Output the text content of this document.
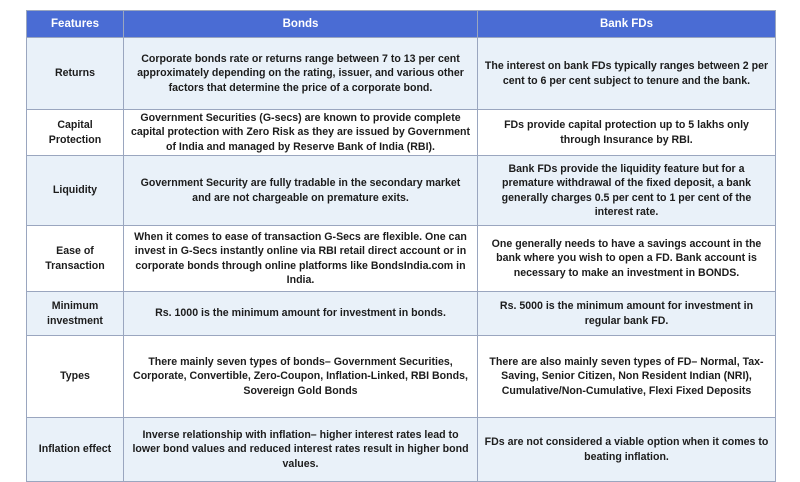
Features	Bonds	Bank FDs
Returns	Corporate bonds rate or returns range between 7 to 13 per cent approximately depending on the rating, issuer, and various other factors that determine the price of a corporate bond.	The interest on bank FDs typically ranges between 2 per cent to 6 per cent subject to tenure and the bank.
Capital Protection	Government Securities (G-secs) are known to provide complete capital protection with Zero Risk as they are issued by Government of India and managed by Reserve Bank of India (RBI).	FDs provide capital protection up to 5 lakhs only through Insurance by RBI.
Liquidity	Government Security are fully tradable in the secondary market and are not chargeable on premature exits.	Bank FDs provide the liquidity feature but for a premature withdrawal of the fixed deposit, a bank generally charges 0.5 per cent to 1 per cent of the interest rate.
Ease of Transaction	When it comes to ease of transaction G-Secs are flexible. One can invest in G-Secs instantly online via RBI retail direct account or in corporate bonds through online platforms like BondsIndia.com in India.	One generally needs to have a savings account in the bank where you wish to open a FD. Bank account is necessary to make an investment in BONDS.
Minimum investment	Rs. 1000 is the minimum amount for investment in bonds.	Rs. 5000 is the minimum amount for investment in regular bank FD.
Types	There mainly seven types of bonds– Government Securities, Corporate, Convertible, Zero-Coupon, Inflation-Linked, RBI Bonds, Sovereign Gold Bonds	There are also mainly seven types of FD– Normal, Tax-Saving, Senior Citizen, Non Resident Indian (NRI), Cumulative/Non-Cumulative, Flexi Fixed Deposits
Inflation effect	Inverse relationship with inflation– higher interest rates lead to lower bond values and reduced interest rates result in higher bond values.	FDs are not considered a viable option when it comes to beating inflation.
